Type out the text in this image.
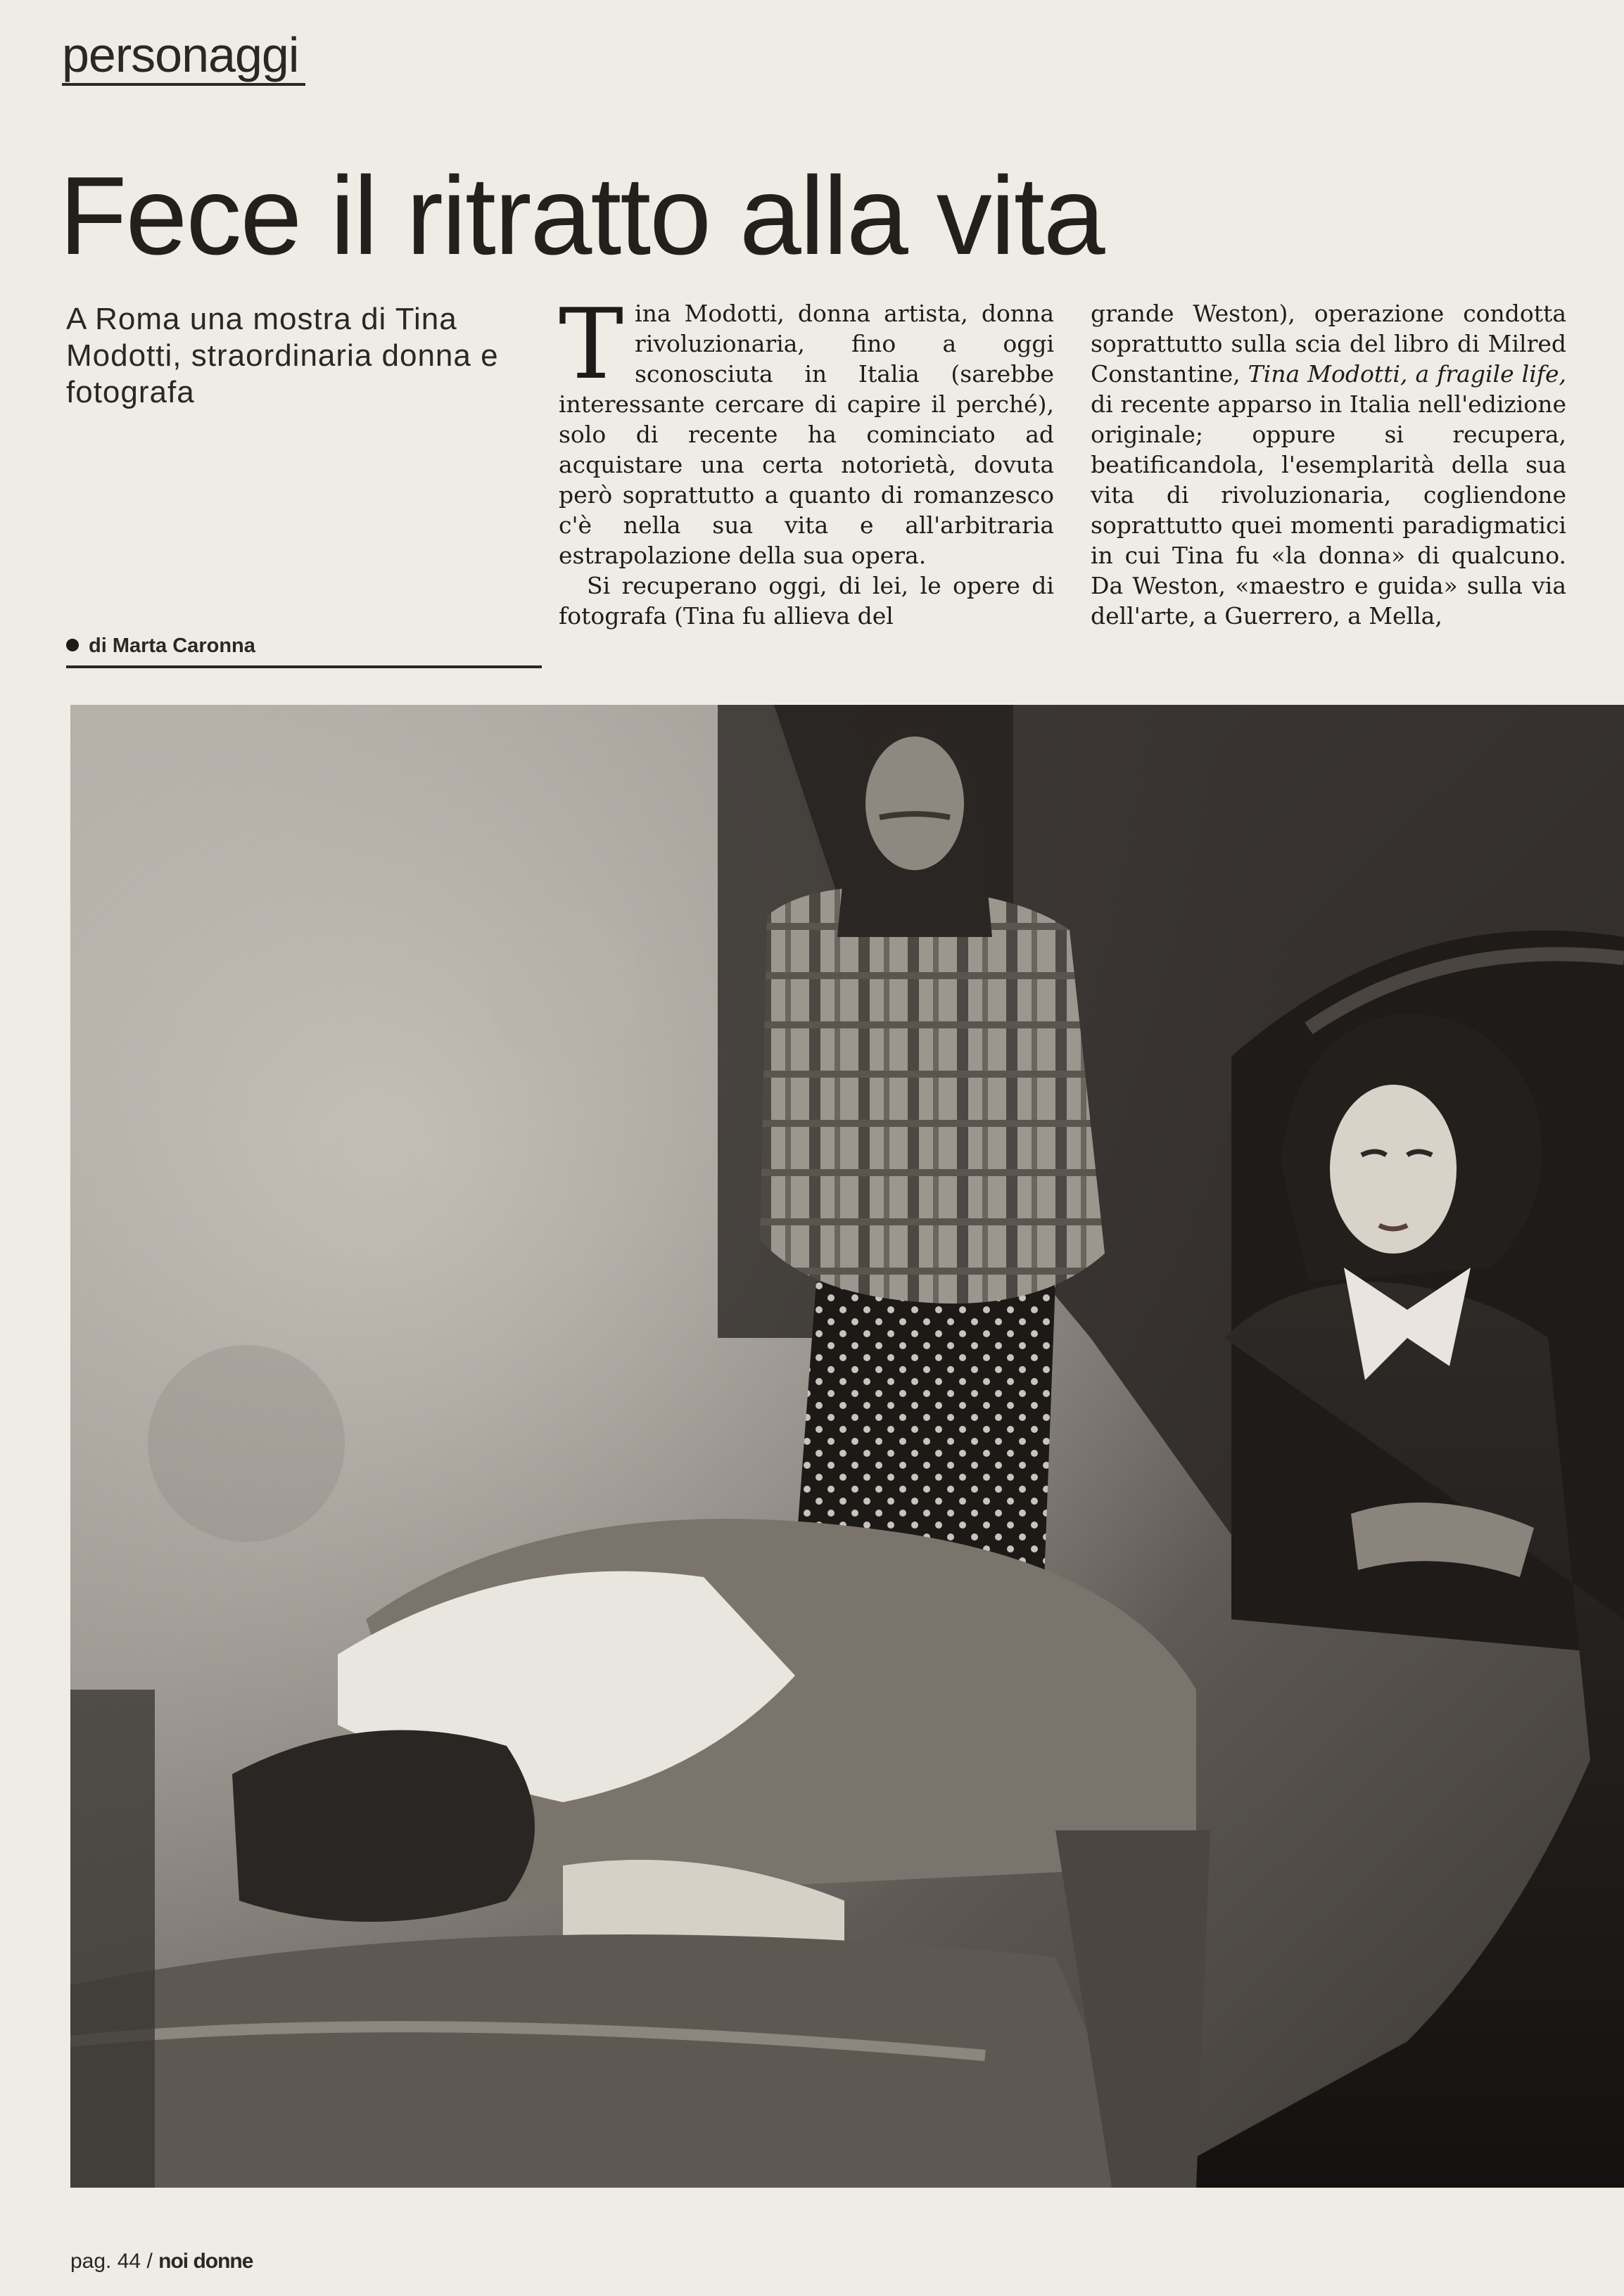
personaggi
Fece il ritratto alla vita
A Roma una mostra di Tina Modotti, straordinaria donna e fotografa
di Marta Caronna

Tina Modotti, donna artista, donna rivoluzionaria, fino a oggi sconosciuta in Italia (sarebbe interessante cercare di capire il perché), solo di recente ha cominciato ad acquistare una certa notorietà, dovuta però soprattutto a quanto di romanzesco c'è nella sua vita e all'arbitraria estrapolazione della sua opera.

Si recuperano oggi, di lei, le opere di fotografa (Tina fu allieva del

grande Weston), operazione condotta soprattutto sulla scia del libro di Milred Constantine, Tina Modotti, a fragile life, di recente apparso in Italia nell'edizione originale; oppure si recupera, beatificandola, l'esemplarità della sua vita di rivoluzionaria, cogliendone soprattutto quei momenti paradigmatici in cui Tina fu «la donna» di qualcuno. Da Weston, «maestro e guida» sulla via dell'arte, a Guerrero, a Mella,

pag. 44 / noi donne
